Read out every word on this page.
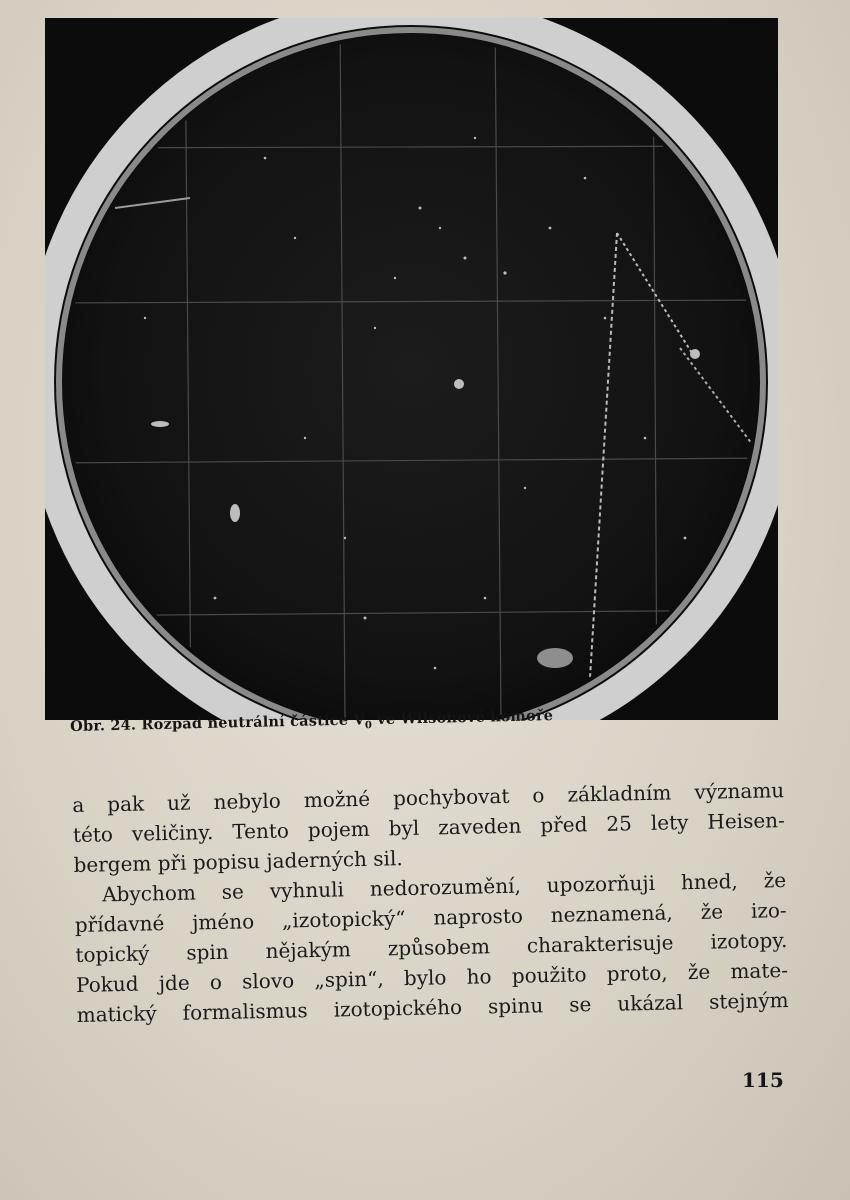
Obr. 24. Rozpad neutrální částice $V_0$ ve Wilsonově komoře
a pak už nebylo možné pochybovat o základním významu
této veličiny. Tento pojem byl zaveden před 25 lety Heisen-
bergem při popisu jaderných sil.
Abychom se vyhnuli nedorozumění, upozorňuji hned, že
přídavné jméno „izotopický“ naprosto neznamená, že izo-
topický spin nějakým způsobem charakterisuje izotopy.
Pokud jde o slovo „spin“, bylo ho použito proto, že mate-
matický formalismus izotopického spinu se ukázal stejným
115
